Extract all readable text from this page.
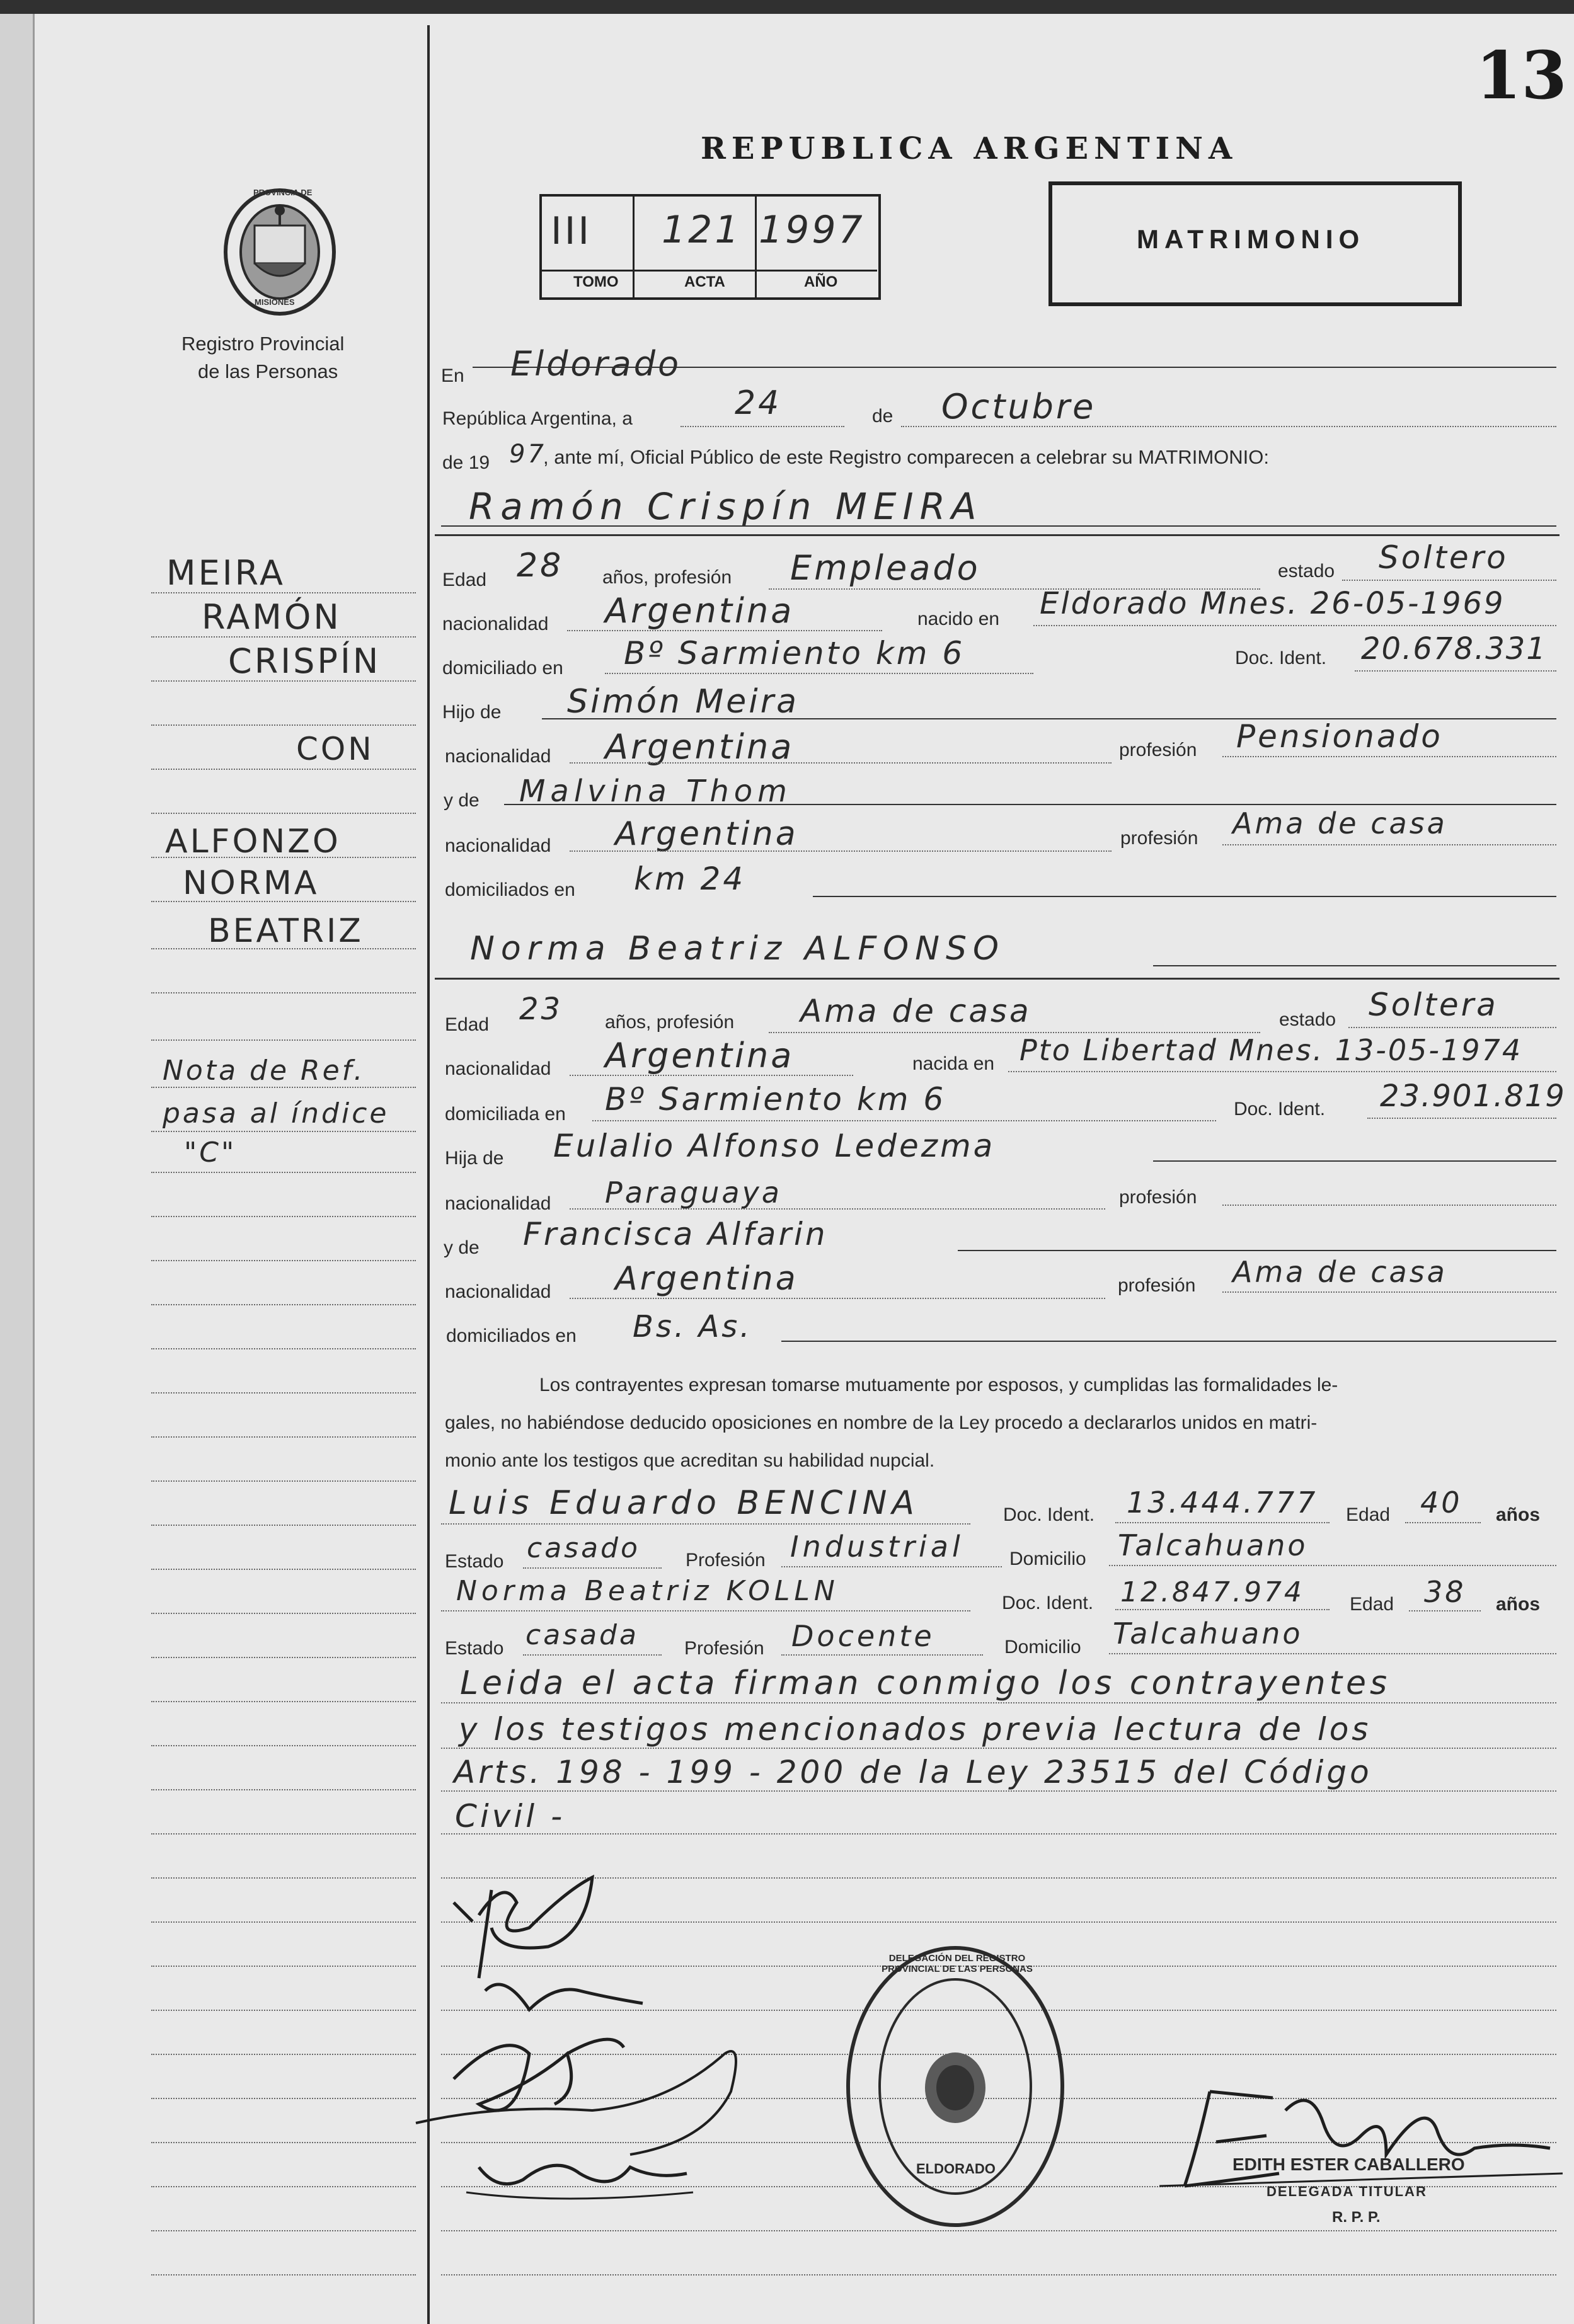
13
PROVINCIA DE
MISIONES
Registro Provincial
de las Personas
REPUBLICA ARGENTINA
III 121 1997
TOMO	ACTA	AÑO
MATRIMONIO
MEIRA
RAMÓN
CRISPÍN
CON
ALFONZO
NORMA
BEATRIZ
Nota de Ref.
pasa al índice
"C"
En Eldorado
República Argentina, a	24	de Octubre
de 19 97
, ante mí, Oficial Público de este Registro comparecen a celebrar su MATRIMONIO:
Ramón Crispín MEIRA
Edad 28 años, profesión Empleado	estado Soltero
nacionalidad Argentina	nacido en Eldorado Mnes. 26-05-1969
domiciliado en Bº Sarmiento km 6	Doc. Ident. 20.678.331
Hijo de Simón Meira
nacionalidad Argentina	profesión Pensionado
y de Malvina Thom
nacionalidad Argentina	profesión Ama de casa
domiciliados en km 24
Norma Beatriz ALFONSO
Edad 23 años, profesión Ama de casa	estado Soltera
nacionalidad Argentina	nacida en Pto Libertad Mnes. 13-05-1974
domiciliada en Bº Sarmiento km 6	Doc. Ident. 23.901.819
Hija de Eulalio Alfonso Ledezma
nacionalidad Paraguaya	profesión
y de Francisca Alfarin
nacionalidad Argentina	profesión Ama de casa
domiciliados en Bs. As.
Los contrayentes expresan tomarse mutuamente por esposos, y cumplidas las formalidades le-
gales, no habiéndose deducido oposiciones en nombre de la Ley procedo a declararlos unidos en matri-
monio ante los testigos que acreditan su habilidad nupcial.
Luis Eduardo BENCINA	Doc. Ident. 13.444.777 Edad 40 años
Estado casado Profesión Industrial Domicilio Talcahuano
Norma Beatriz KOLLN	Doc. Ident. 12.847.974 Edad 38 años
Estado casada Profesión Docente	Domicilio Talcahuano
Leida el acta firman conmigo los contrayentes
y los testigos mencionados previa lectura de los
Arts. 198 - 199 - 200 de la Ley 23515 del Código
Civil -
DELEGACIÓN DEL REGISTRO PROVINCIAL DE LAS PERSONAS
ELDORADO	EDITH ESTER CABALLERO
DELEGADA TITULAR
R. P. P.
